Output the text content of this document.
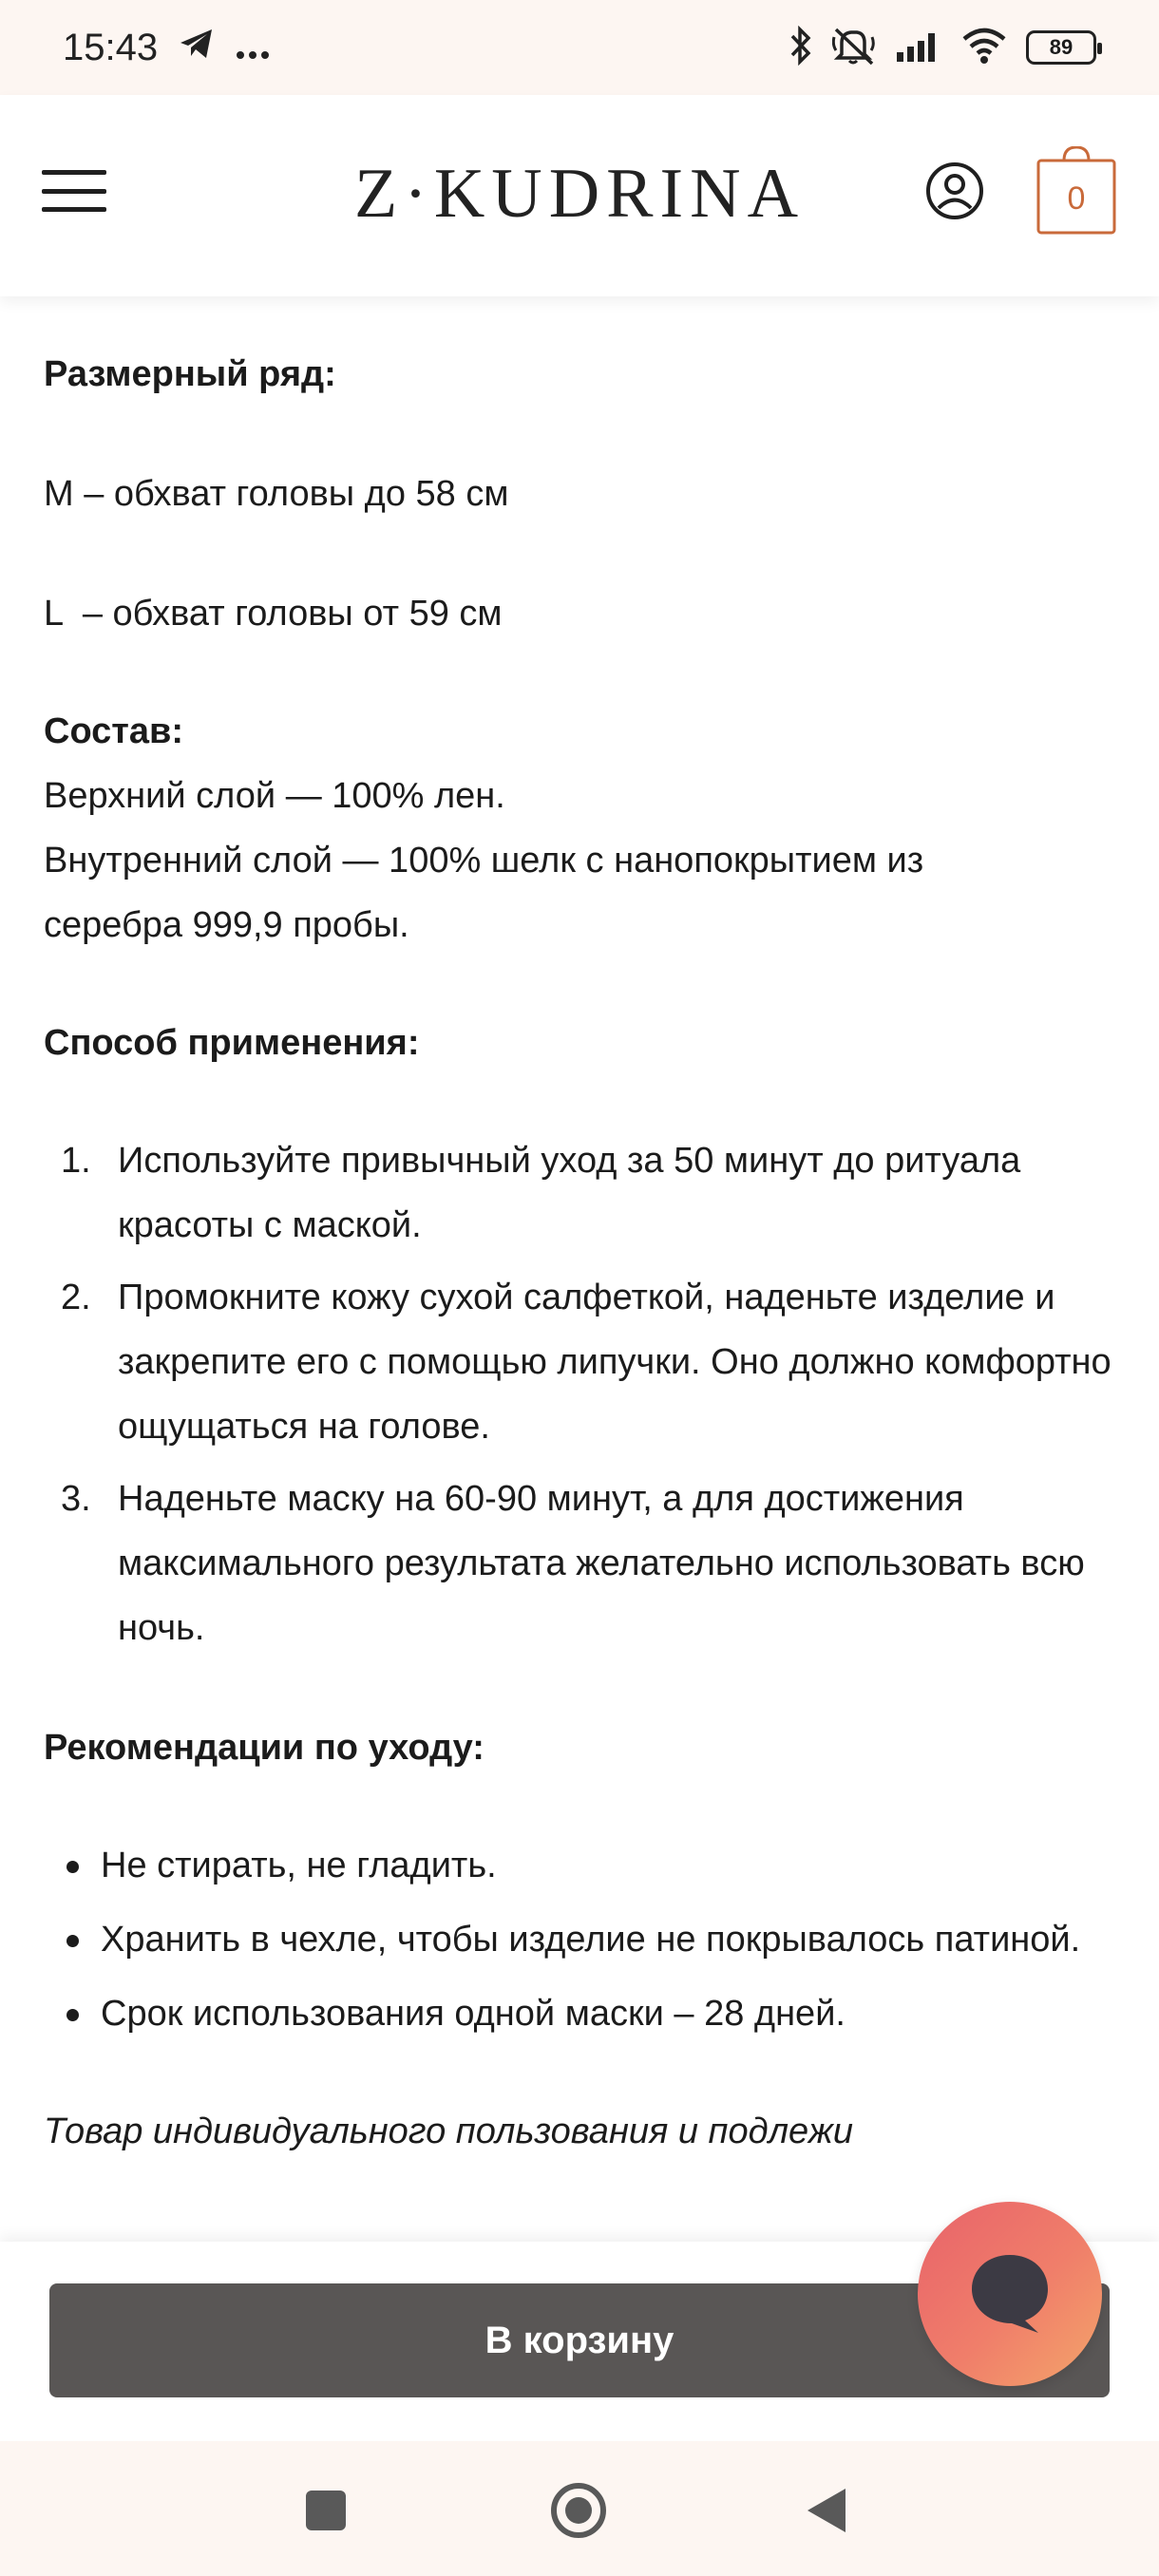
15:43	89
Z·KUDRINA	0
Размерный ряд:
M – обхват головы до 58 см
L  – обхват головы от 59 см
Состав:
Верхний слой — 100% лен.
Внутренний слой — 100% шелк с нанопокрытием из
серебра 999,9 пробы.
Способ применения:
1. Используйте привычный уход за 50 минут до ритуала красоты с маской.
2. Промокните кожу сухой салфеткой, наденьте изделие и закрепите его с помощью липучки. Оно должно комфортно ощущаться на голове.
3. Наденьте маску на 60-90 минут, а для достижения максимального результата желательно использовать всю ночь.
Рекомендации по уходу:
Не стирать, не гладить.
Хранить в чехле, чтобы изделие не покрывалось патиной.
Срок использования одной маски – 28 дней.
Товар индивидуального пользования и подлежи
В корзину
